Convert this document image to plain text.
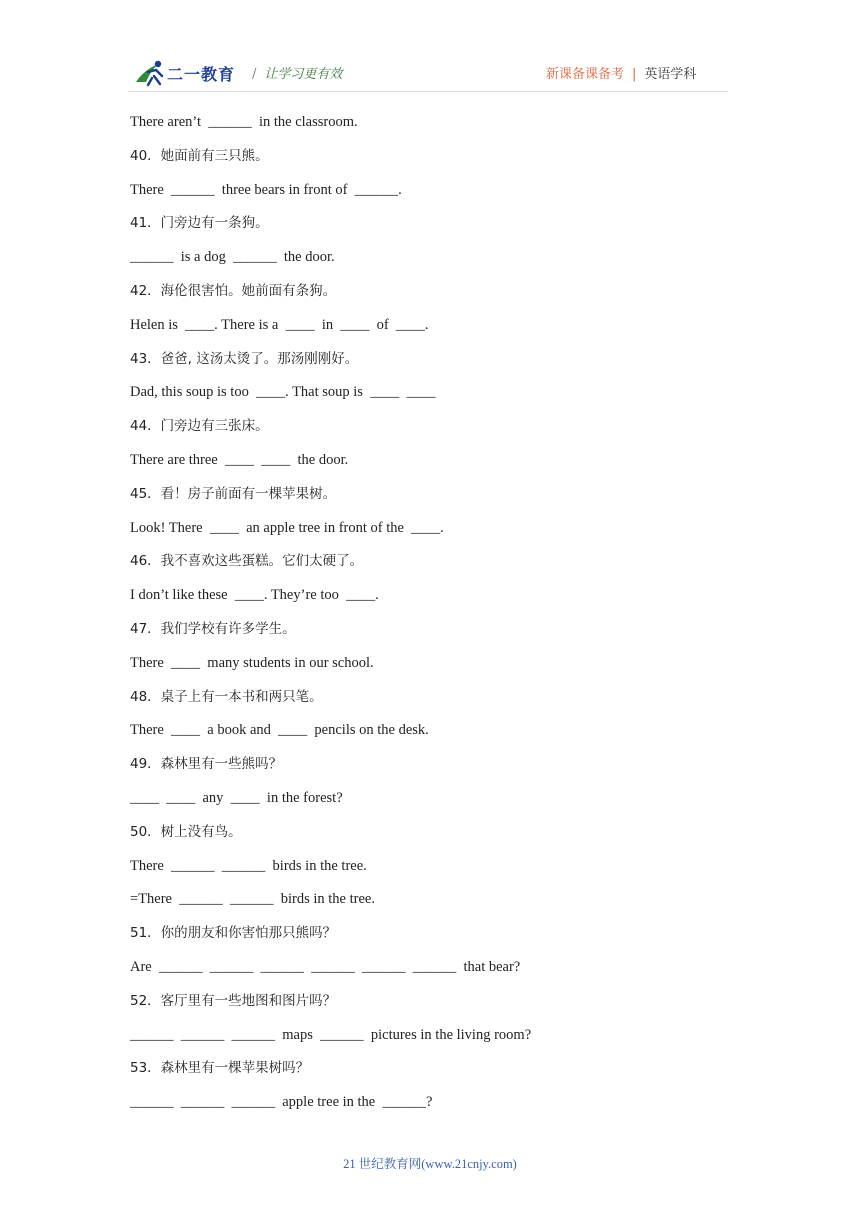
二一教育 / 让学习更有效	新课备课备考 | 英语学科
There aren’t  ______  in the classroom.
40．她面前有三只熊。
There  ______  three bears in front of  ______.
41．门旁边有一条狗。
______  is a dog  ______  the door.
42．海伦很害怕。她前面有条狗。
Helen is  ____. There is a  ____  in  ____  of  ____.
43．爸爸, 这汤太烫了。那汤刚刚好。
Dad, this soup is too  ____. That soup is  ____  ____
44．门旁边有三张床。
There are three  ____  ____  the door.
45．看！房子前面有一棵苹果树。
Look! There  ____  an apple tree in front of the  ____.
46．我不喜欢这些蛋糕。它们太硬了。
I don’t like these  ____. They’re too  ____.
47．我们学校有许多学生。
There  ____  many students in our school.
48．桌子上有一本书和两只笔。
There  ____  a book and  ____  pencils on the desk.
49．森林里有一些熊吗？
____  ____  any  ____  in the forest?
50．树上没有鸟。
There  ______  ______  birds in the tree.
=There  ______  ______  birds in the tree.
51．你的朋友和你害怕那只熊吗？
Are  ______  ______  ______  ______  ______  ______  that bear?
52．客厅里有一些地图和图片吗？
______  ______  ______  maps  ______  pictures in the living room?
53．森林里有一棵苹果树吗？
______  ______  ______  apple tree in the  ______?
21 世纪教育网(www.21cnjy.com)
